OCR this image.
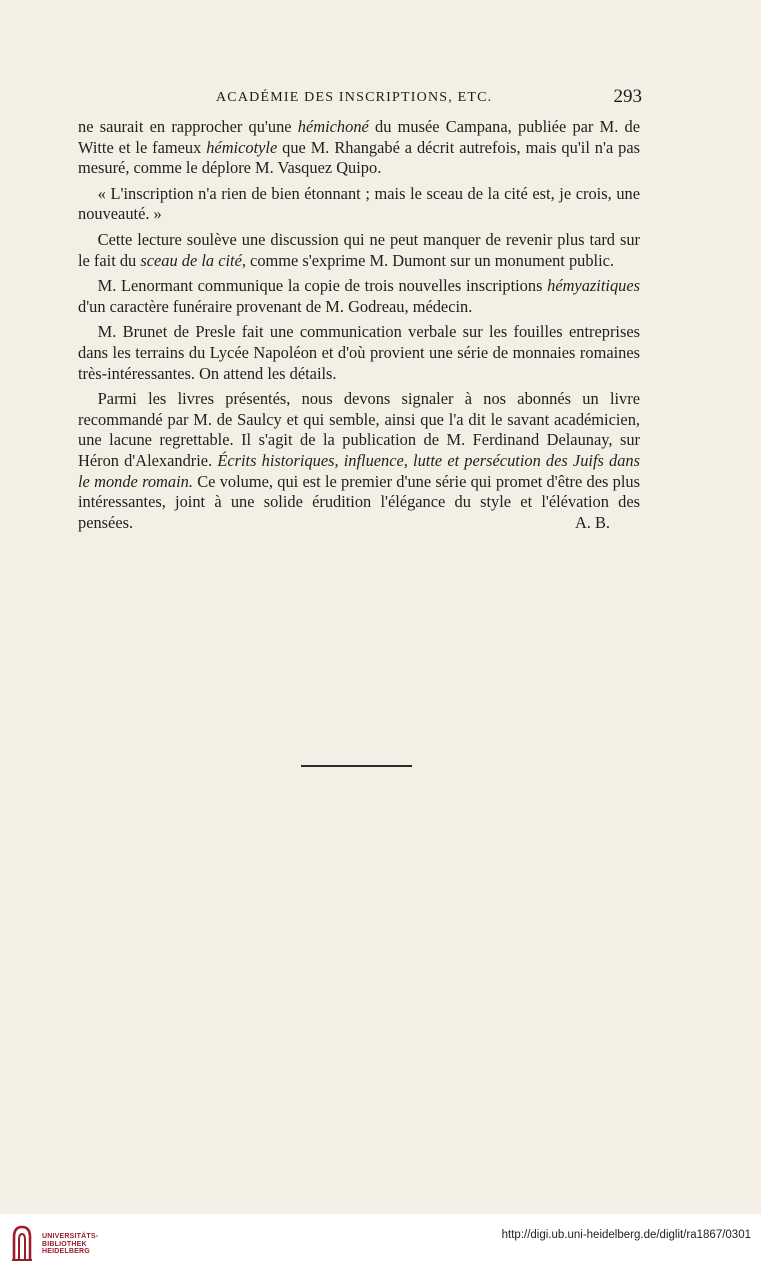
ACADÉMIE DES INSCRIPTIONS, ETC.	293

ne saurait en rapprocher qu'une hémichoné du musée Campana, publiée par M. de Witte et le fameux hémicotyle que M. Rhangabé a décrit autrefois, mais qu'il n'a pas mesuré, comme le déplore M. Vasquez Quipo.

« L'inscription n'a rien de bien étonnant ; mais le sceau de la cité est, je crois, une nouveauté. »

Cette lecture soulève une discussion qui ne peut manquer de revenir plus tard sur le fait du sceau de la cité, comme s'exprime M. Dumont sur un monument public.

M. Lenormant communique la copie de trois nouvelles inscriptions hémyazitiques d'un caractère funéraire provenant de M. Godreau, médecin.

M. Brunet de Presle fait une communication verbale sur les fouilles entreprises dans les terrains du Lycée Napoléon et d'où provient une série de monnaies romaines très-intéressantes. On attend les détails.

Parmi les livres présentés, nous devons signaler à nos abonnés un livre recommandé par M. de Saulcy et qui semble, ainsi que l'a dit le savant académicien, une lacune regrettable. Il s'agit de la publication de M. Ferdinand Delaunay, sur Héron d'Alexandrie. Écrits historiques, influence, lutte et persécution des Juifs dans le monde romain. Ce volume, qui est le premier d'une série qui promet d'être des plus intéressantes, joint à une solide érudition l'élégance du style et l'élévation des pensées.	A. B.

UNIVERSITÄTS-
BIBLIOTHEK
HEIDELBERG
http://digi.ub.uni-heidelberg.de/diglit/ra1867/0301
